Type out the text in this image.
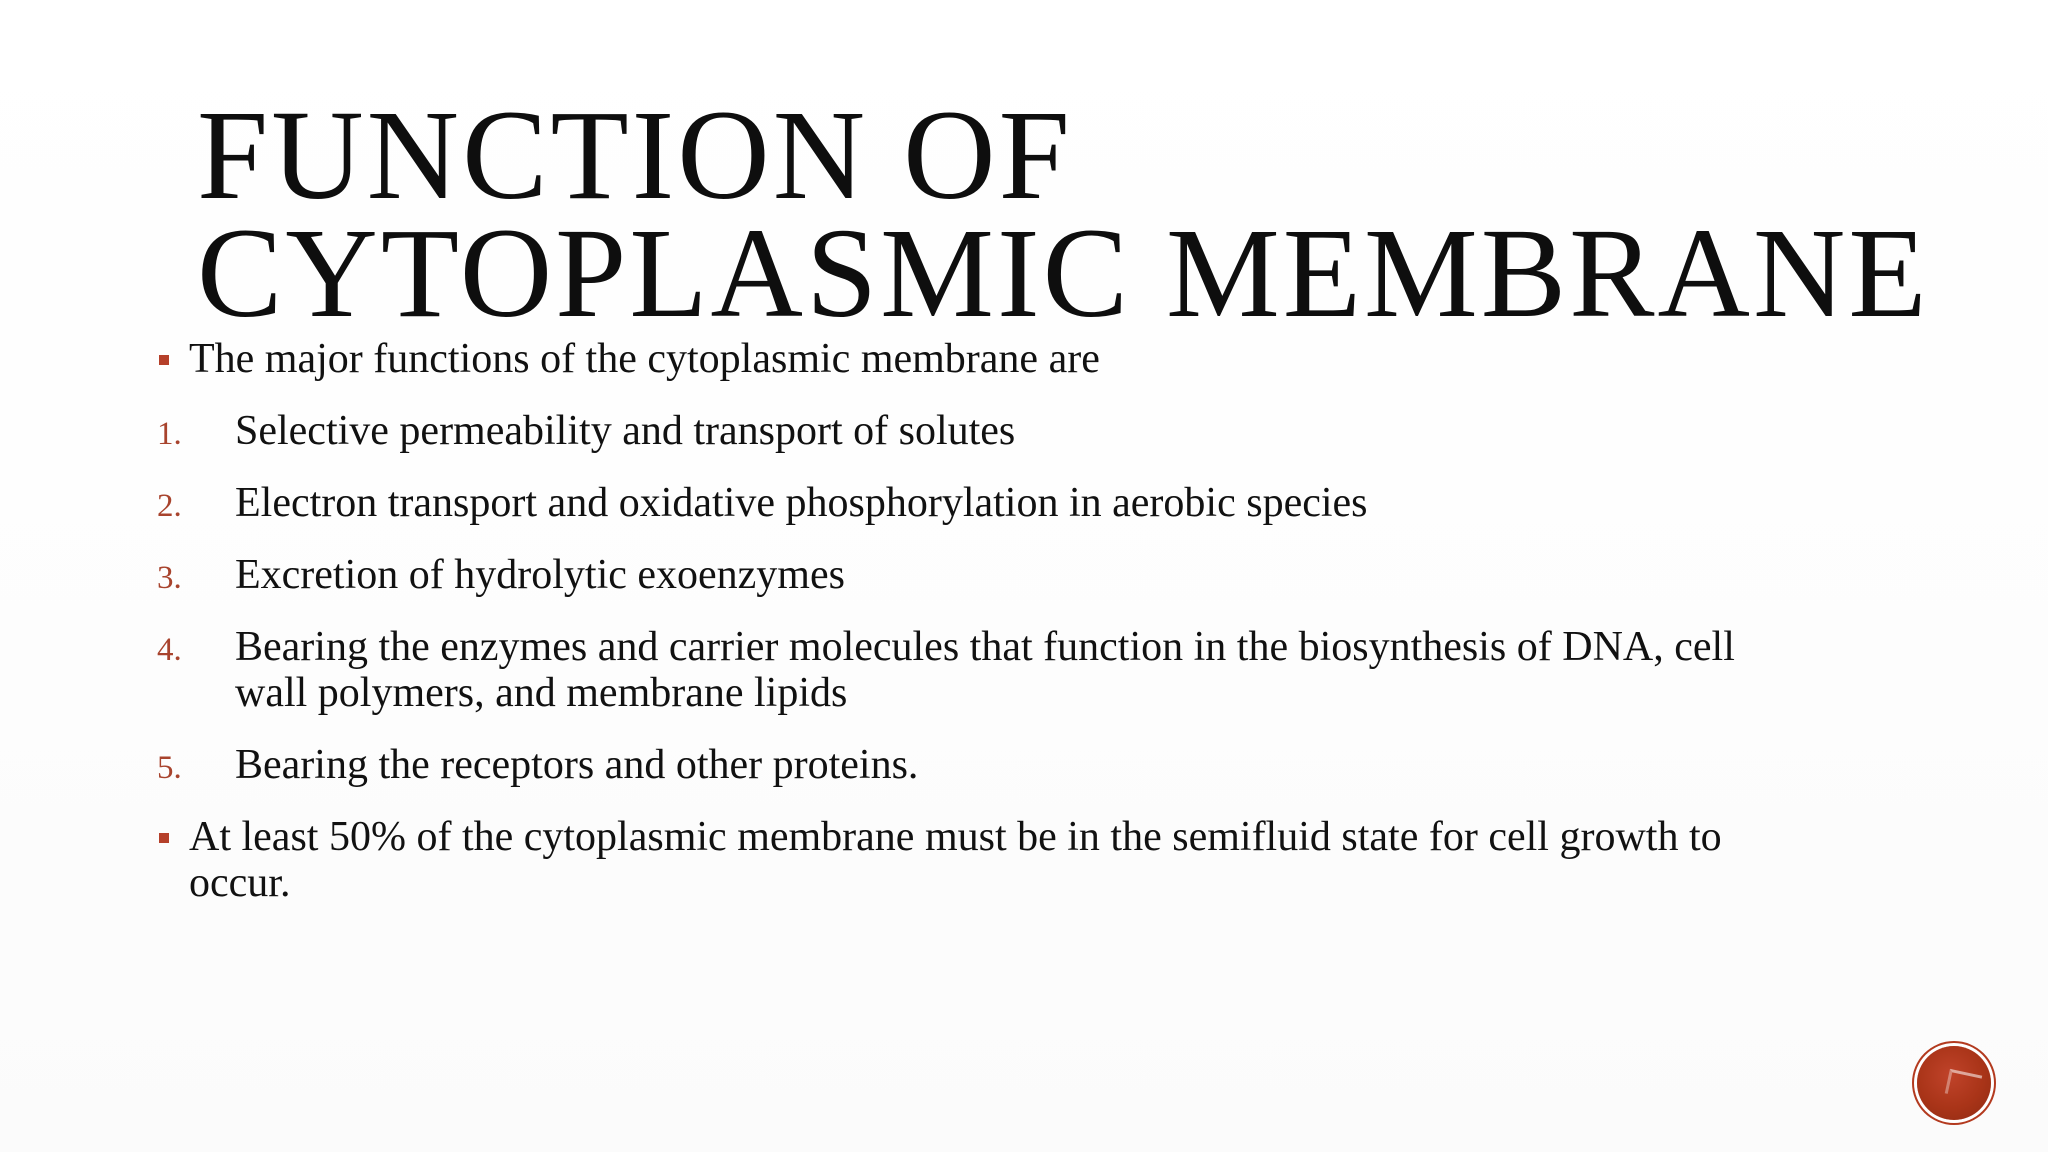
FUNCTION OF
CYTOPLASMIC MEMBRANE

The major functions of the cytoplasmic membrane are

1. Selective permeability and transport of solutes

2. Electron transport and oxidative phosphorylation in aerobic species

3. Excretion of hydrolytic exoenzymes

4. Bearing the enzymes and carrier molecules that function in the biosynthesis of DNA, cell wall polymers, and membrane lipids

5. Bearing the receptors and other proteins.

At least 50% of the cytoplasmic membrane must be in the semifluid state for cell growth to occur.
